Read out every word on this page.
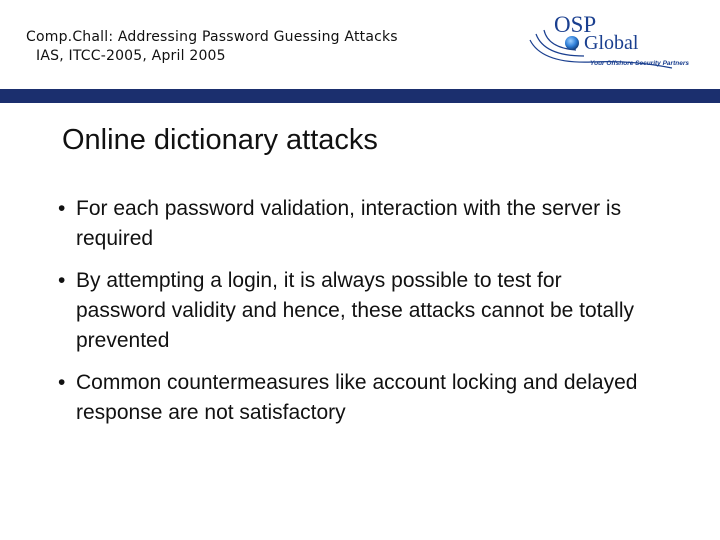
Comp.Chall: Addressing Password Guessing Attacks

IAS, ITCC-2005, April 2005
OSP
Global
Your Offshore Security Partners
Online dictionary attacks
• For each password validation, interaction with the server is required
• By attempting a login, it is always possible to test for password validity and hence, these attacks cannot be totally prevented
• Common countermeasures like account locking and delayed response are not satisfactory
